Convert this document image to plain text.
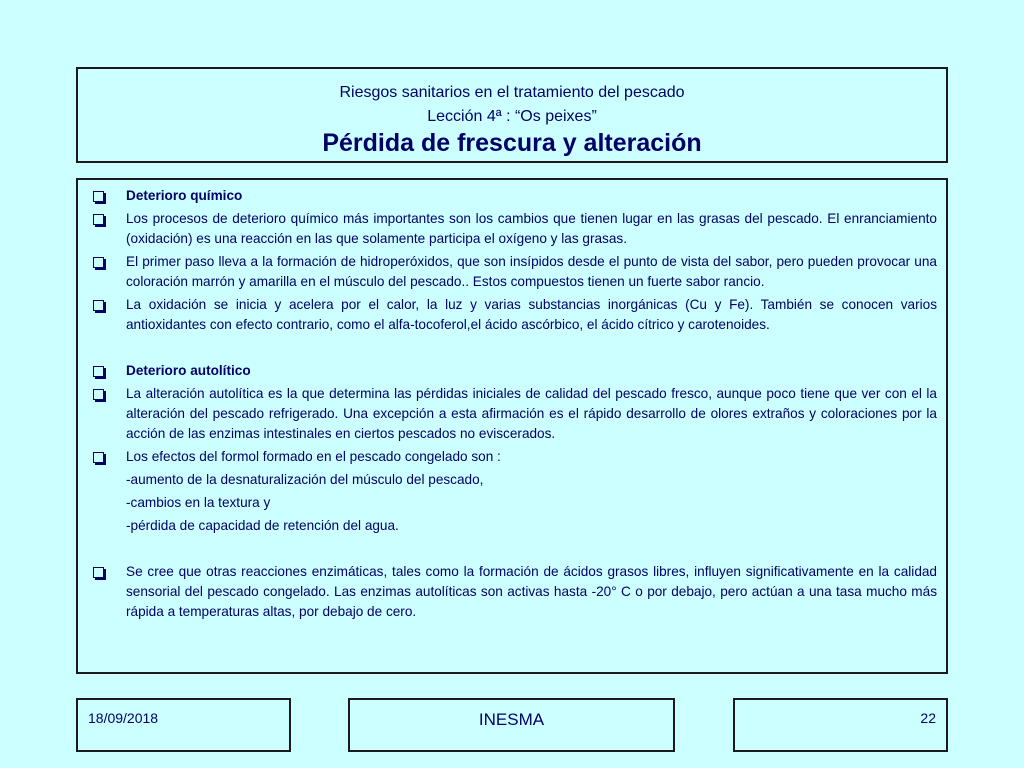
Riesgos sanitarios en el tratamiento del pescado
Lección 4ª : “Os peixes”
Pérdida de frescura y alteración
Deterioro químico
Los procesos de deterioro químico más importantes son los cambios que tienen lugar en las grasas del pescado. El enranciamiento (oxidación) es una reacción en las que solamente participa el oxígeno y las grasas.
El primer paso lleva a la formación de hidroperóxidos, que son insípidos desde el punto de vista del sabor, pero pueden provocar una coloración marrón y amarilla en el músculo del pescado.. Estos compuestos tienen un fuerte sabor rancio.
La oxidación se inicia y acelera por el calor, la luz y varias substancias inorgánicas (Cu y Fe). También se conocen varios antioxidantes con efecto contrario, como el alfa-tocoferol,el ácido ascórbico, el ácido cítrico y carotenoides.
Deterioro autolítico
La alteración autolítica es la que determina las pérdidas iniciales de calidad del pescado fresco, aunque poco tiene que ver con el la alteración del pescado refrigerado. Una excepción a esta afirmación es el rápido desarrollo de olores extraños y coloraciones por la acción de las enzimas intestinales en ciertos pescados no eviscerados.
Los efectos del formol formado en el pescado congelado son :
-aumento de la desnaturalización del músculo del pescado,
-cambios en la textura y
-pérdida de capacidad de retención del agua.
Se cree que otras reacciones enzimáticas, tales como la formación de ácidos grasos libres, influyen significativamente en la calidad sensorial del pescado congelado. Las enzimas autolíticas son activas hasta -20° C o por debajo, pero actúan a una tasa mucho más rápida a temperaturas altas, por debajo de cero.
18/09/2018	INESMA	22
